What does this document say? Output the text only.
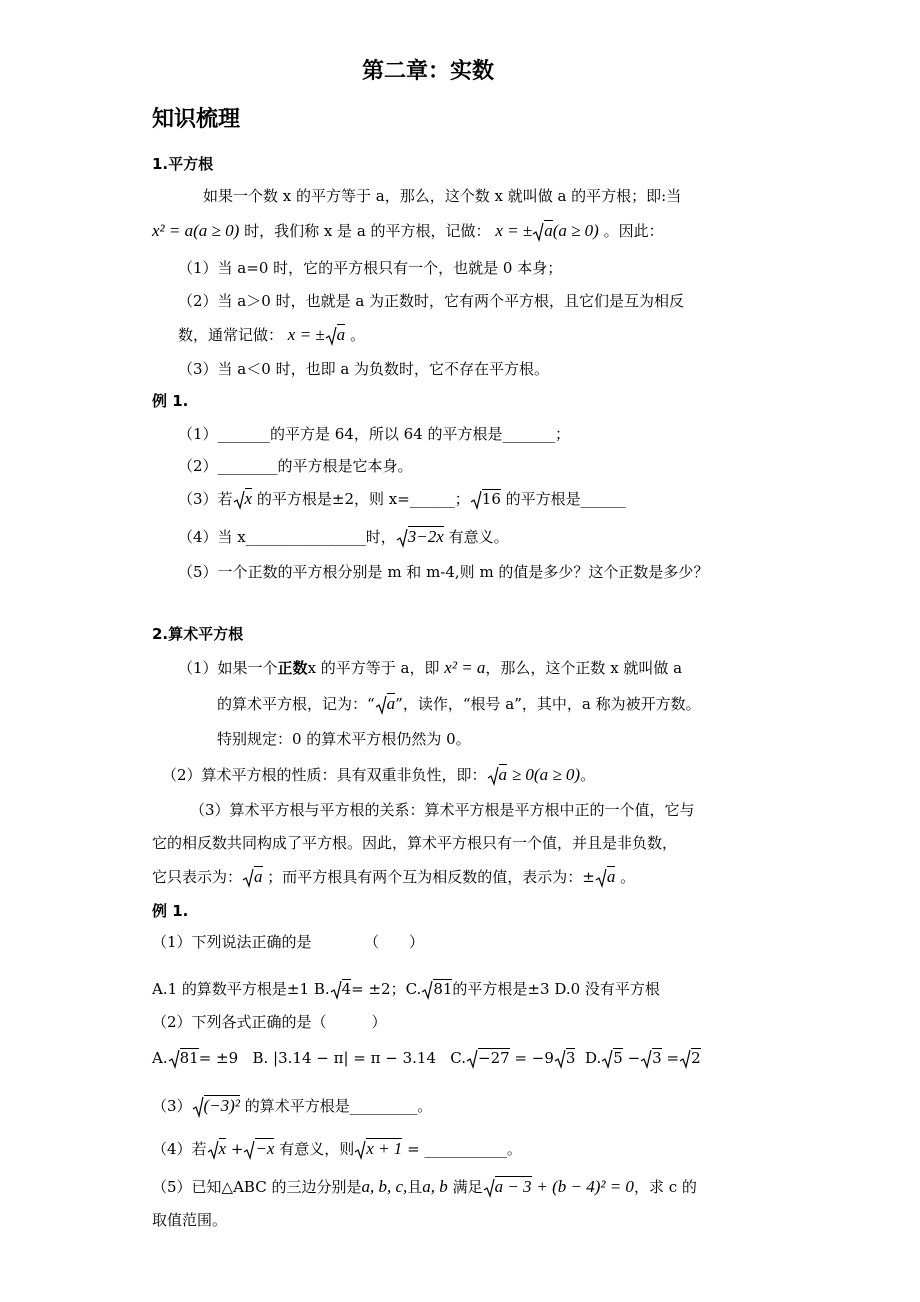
第二章：实数
知识梳理
1.平方根
如果一个数 x 的平方等于 a，那么，这个数 x 就叫做 a 的平方根；即:当
x² = a(a ≥ 0) 时，我们称 x 是 a 的平方根，记做： x = ± a(a ≥ 0) 。因此：
（1）当 a=0 时，它的平方根只有一个，也就是 0 本身；
（2）当 a＞0 时，也就是 a 为正数时，它有两个平方根，且它们是互为相反
数，通常记做： x = ± a 。
（3）当 a＜0 时，也即 a 为负数时，它不存在平方根。
例 1.
（1）_______的平方是 64，所以 64 的平方根是_______；
（2）________的平方根是它本身。
（3）若 x 的平方根是±2，则 x=______； 16 的平方根是______
（4）当 x________________时， 3−2x 有意义。
（5）一个正数的平方根分别是 m 和 m-4,则 m 的值是多少？这个正数是多少？
2.算术平方根
（1）如果一个正数x 的平方等于 a，即 x² = a，那么，这个正数 x 就叫做 a
的算术平方根，记为：“ a”，读作，“根号 a”，其中，a 称为被开方数。
特别规定：0 的算术平方根仍然为 0。
（2）算术平方根的性质：具有双重非负性，即： a ≥ 0(a ≥ 0)。
（3）算术平方根与平方根的关系：算术平方根是平方根中正的一个值，它与
它的相反数共同构成了平方根。因此，算术平方根只有一个值，并且是非负数，
它只表示为： a ；而平方根具有两个互为相反数的值，表示为：± a 。
例 1.
（1）下列说法正确的是　　　　（　　）
A.1 的算数平方根是±1 B. 4= ±2；C. 81的平方根是±3 D.0 没有平方根
（2）下列各式正确的是（　　　）
A. 81= ±9 B. |3.14 − π| = π − 3.14 C. −27 = −9 3 D. 5 − 3 = 2
（3） (−3)² 的算术平方根是_________。
（4）若 x + −x 有意义，则 x + 1 = ___________。
（5）已知△ABC 的三边分别是a, b, c,且a, b 满足 a − 3 + (b − 4)² = 0，求 c 的
取值范围。
